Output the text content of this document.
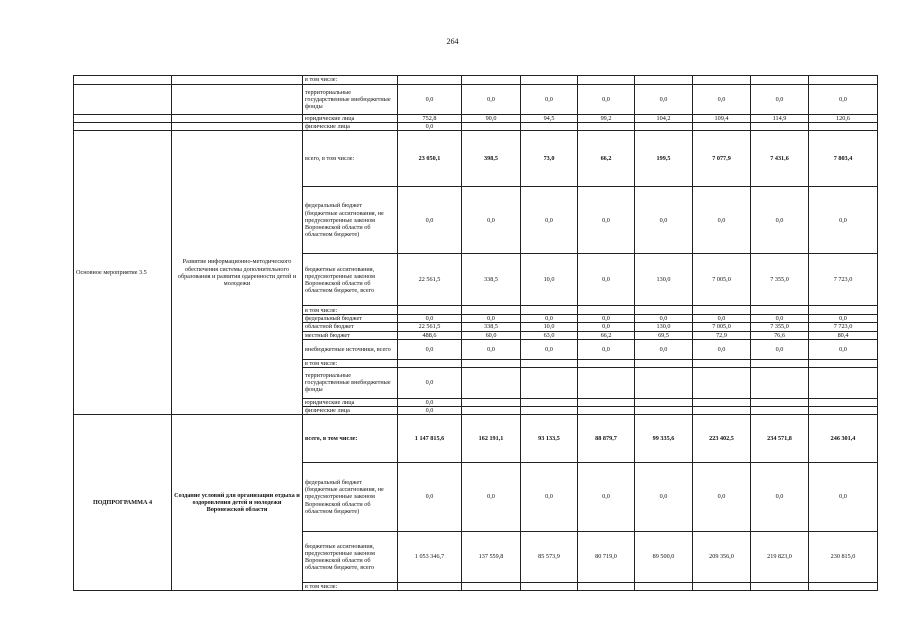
264
		в том числе:								
		территориальные государственные внебюджетные фонды	0,0	0,0	0,0	0,0	0,0	0,0	0,0	0,0
		юридические лица	752,8	90,0	94,5	99,2	104,2	109,4	114,9	120,6
		физические лица	0,0							
Основное мероприятие 3.5	Развитие информационно-методического обеспечения системы дополнительного образования и развития одаренности детей и молодежи	всего, в том числе:	23 050,1	398,5	73,0	66,2	199,5	7 077,9	7 431,6	7 803,4
		федеральный бюджет (бюджетные ассигнования, не предусмотренные законом Воронежской области об областном бюджете)	0,0	0,0	0,0	0,0	0,0	0,0	0,0	0,0
		бюджетные ассигнования, предусмотренные законом Воронежской области об областном бюджете, всего	22 561,5	338,5	10,0	0,0	130,0	7 005,0	7 355,0	7 723,0
		в том числе:								
		федеральный бюджет	0,0	0,0	0,0	0,0	0,0	0,0	0,0	0,0
		областной бюджет	22 561,5	338,5	10,0	0,0	130,0	7 005,0	7 355,0	7 723,0
		местный бюджет	488,6	60,0	63,0	66,2	69,5	72,9	76,6	80,4
		внебюджетные источники, всего	0,0	0,0	0,0	0,0	0,0	0,0	0,0	0,0
		в том числе:								
		территориальные государственные внебюджетные фонды	0,0							
		юридические лица	0,0							
		физические лица	0,0							
ПОДПРОГРАММА 4	Создание условий для организации отдыха и оздоровления детей и молодежи Воронежской области	всего, в том числе:	1 147 815,6	162 191,1	93 133,5	88 879,7	99 335,6	223 402,5	234 571,8	246 301,4
		федеральный бюджет (бюджетные ассигнования, не предусмотренные законом Воронежской области об областном бюджете)	0,0	0,0	0,0	0,0	0,0	0,0	0,0	0,0
		бюджетные ассигнования, предусмотренные законом Воронежской области об областном бюджете, всего	1 053 346,7	137 559,8	85 573,9	80 719,0	89 500,0	209 356,0	219 823,0	230 815,0
		в том числе:								
